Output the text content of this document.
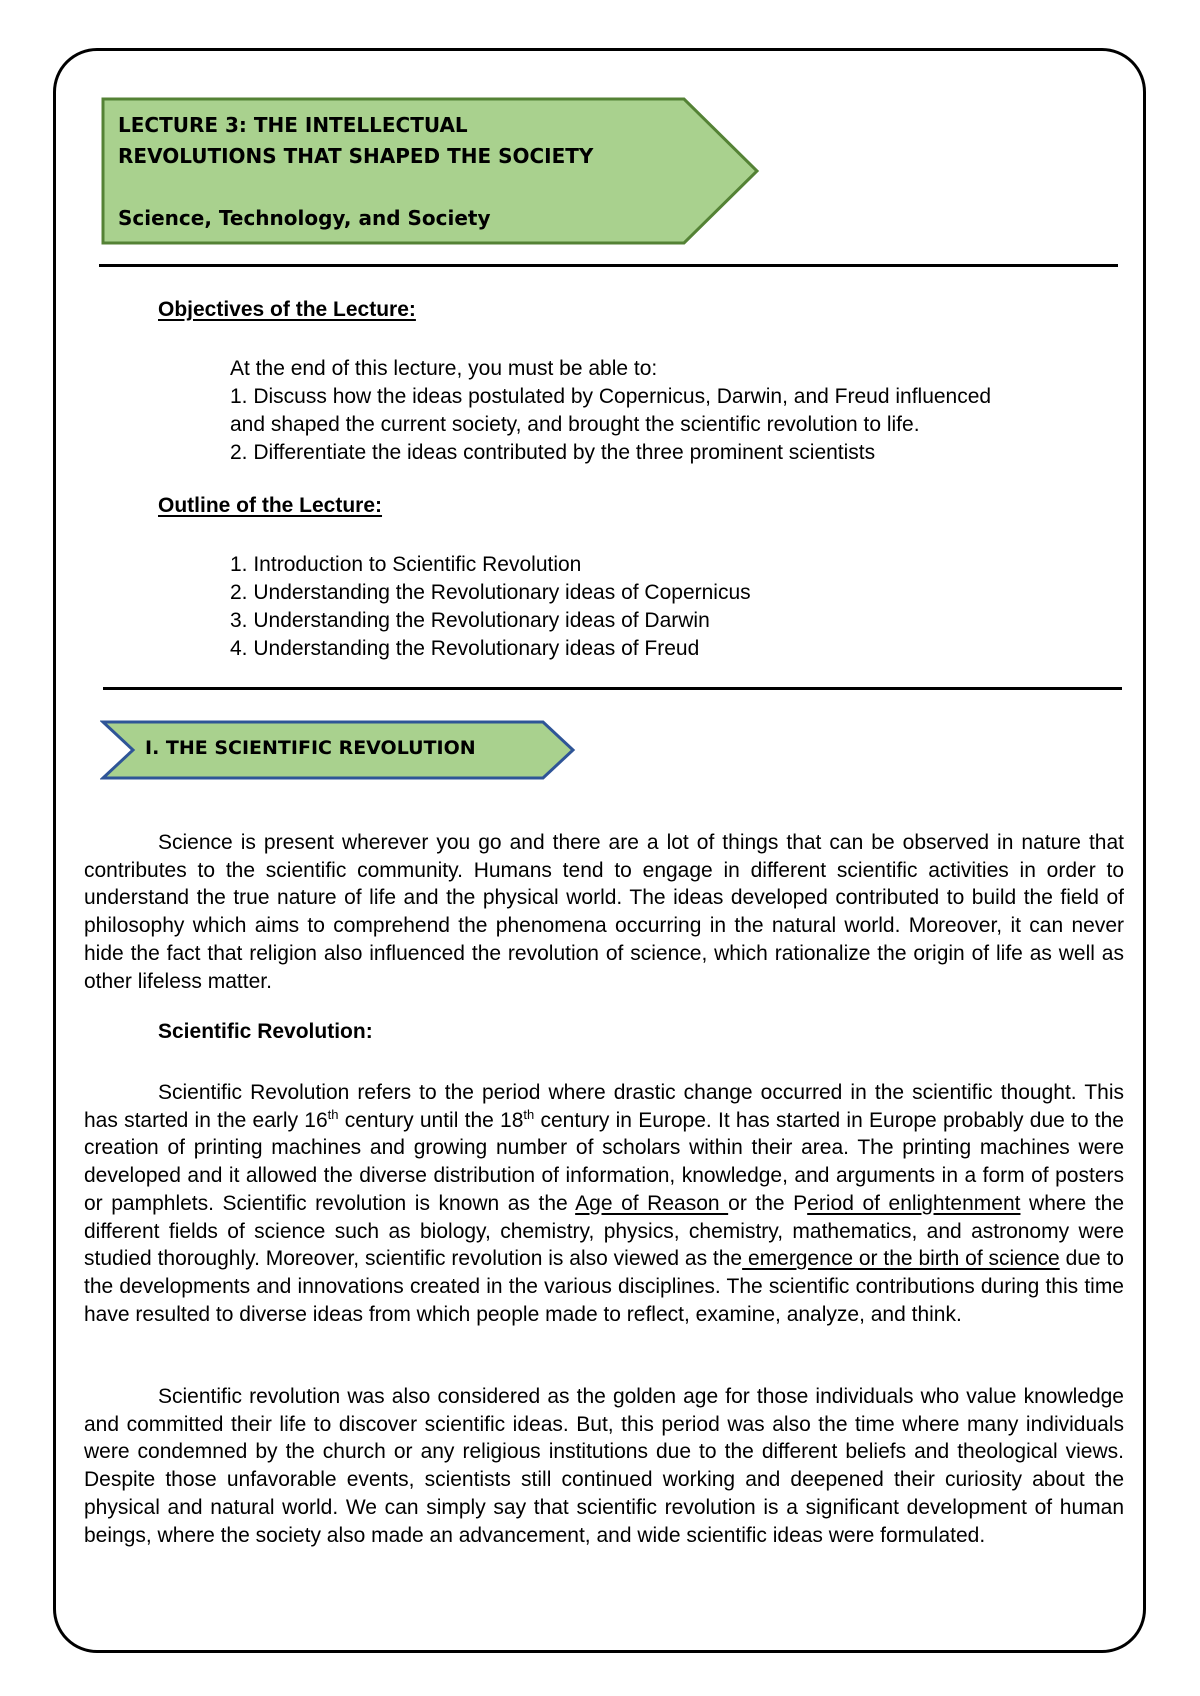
LECTURE 3: THE INTELLECTUAL
REVOLUTIONS THAT SHAPED THE SOCIETY
Science, Technology, and Society
Objectives of the Lecture:
At the end of this lecture, you must be able to:
1. Discuss how the ideas postulated by Copernicus, Darwin, and Freud influenced
and shaped the current society, and brought the scientific revolution to life.
2. Differentiate the ideas contributed by the three prominent scientists
Outline of the Lecture:
1. Introduction to Scientific Revolution
2. Understanding the Revolutionary ideas of Copernicus
3. Understanding the Revolutionary ideas of Darwin
4. Understanding the Revolutionary ideas of Freud
I. THE SCIENTIFIC REVOLUTION
Science is present wherever you go and there are a lot of things that can be observed in nature that contributes to the scientific community. Humans tend to engage in different scientific activities in order to understand the true nature of life and the physical world. The ideas developed contributed to build the field of philosophy which aims to comprehend the phenomena occurring in the natural world. Moreover, it can never hide the fact that religion also influenced the revolution of science, which rationalize the origin of life as well as other lifeless matter.
Scientific Revolution:
Scientific Revolution refers to the period where drastic change occurred in the scientific thought. This has started in the early 16th century until the 18th century in Europe. It has started in Europe probably due to the creation of printing machines and growing number of scholars within their area. The printing machines were developed and it allowed the diverse distribution of information, knowledge, and arguments in a form of posters or pamphlets. Scientific revolution is known as the Age of Reason or the Period of enlightenment where the different fields of science such as biology, chemistry, physics, chemistry, mathematics, and astronomy were studied thoroughly. Moreover, scientific revolution is also viewed as the emergence or the birth of science due to the developments and innovations created in the various disciplines. The scientific contributions during this time have resulted to diverse ideas from which people made to reflect, examine, analyze, and think.
Scientific revolution was also considered as the golden age for those individuals who value knowledge and committed their life to discover scientific ideas. But, this period was also the time where many individuals were condemned by the church or any religious institutions due to the different beliefs and theological views. Despite those unfavorable events, scientists still continued working and deepened their curiosity about the physical and natural world. We can simply say that scientific revolution is a significant development of human beings, where the society also made an advancement, and wide scientific ideas were formulated.
